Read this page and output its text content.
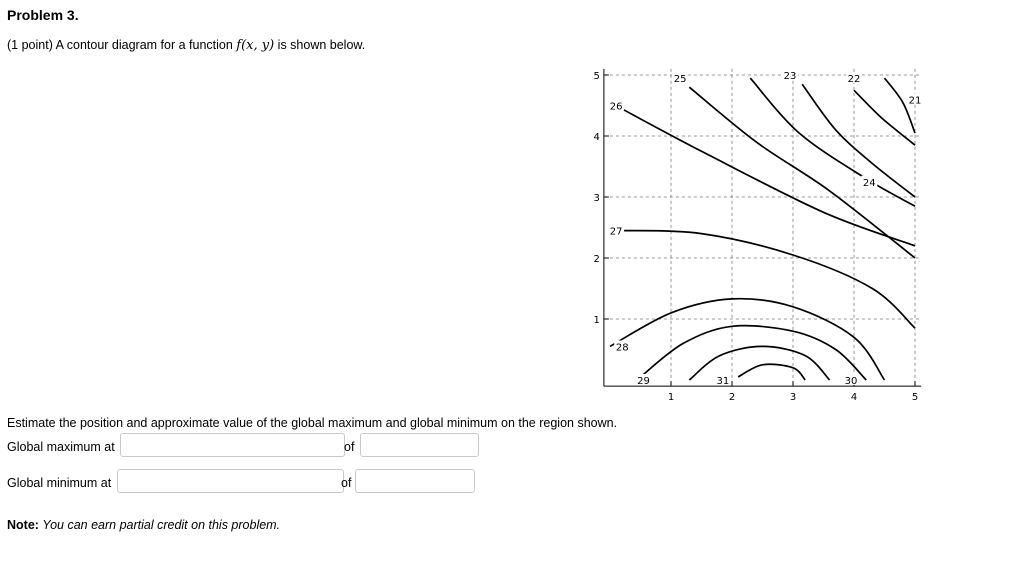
Problem 3.
(1 point) A contour diagram for a function f(x, y) is shown below.
1	2	3	4	5
1
2
3
4
5
21
22
23
24
25
26
27
28
29	30
31
Estimate the position and approximate value of the global maximum and global minimum on the region shown.
Global maximum at	of
Global minimum at	of
Note: You can earn partial credit on this problem.
